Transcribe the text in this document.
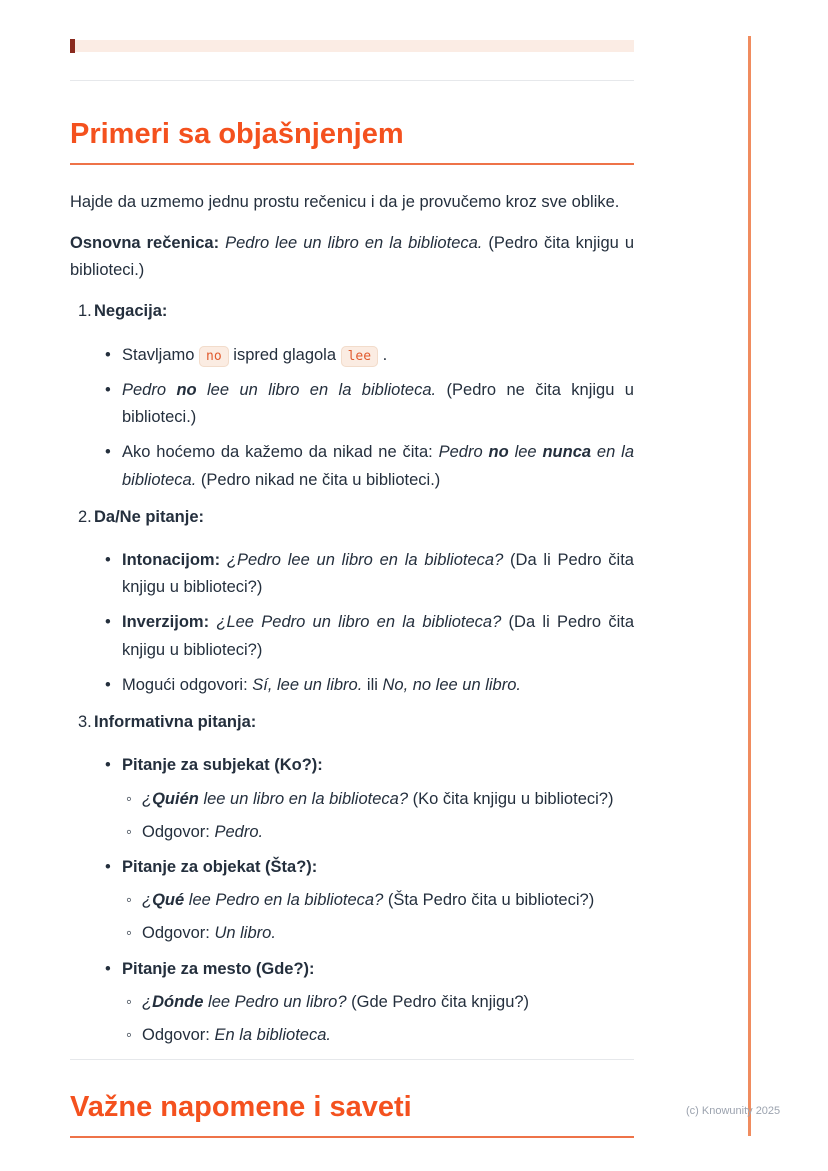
Primeri sa objašnjenjem

Hajde da uzmemo jednu prostu rečenicu i da je provučemo kroz sve oblike.

Osnovna rečenica: Pedro lee un libro en la biblioteca. (Pedro čita knjigu u biblioteci.)

1. Negacija:
• Stavljamo no ispred glagola lee .

• Pedro no lee un libro en la biblioteca. (Pedro ne čita knjigu u biblioteci.)

• Ako hoćemo da kažemo da nikad ne čita: Pedro no lee nunca en la biblioteca. (Pedro nikad ne čita u biblioteci.)

2. Da/Ne pitanje:
• Intonacijom: ¿Pedro lee un libro en la biblioteca? (Da li Pedro čita knjigu u biblioteci?)

• Inverzijom: ¿Lee Pedro un libro en la biblioteca? (Da li Pedro čita knjigu u biblioteci?)

• Mogući odgovori: Sí, lee un libro. ili No, no lee un libro.

3. Informativna pitanja:
• Pitanje za subjekat (Ko?):

◦ ¿Quién lee un libro en la biblioteca? (Ko čita knjigu u biblioteci?)

◦ Odgovor: Pedro.

• Pitanje za objekat (Šta?):

◦ ¿Qué lee Pedro en la biblioteca? (Šta Pedro čita u biblioteci?)

◦ Odgovor: Un libro.

• Pitanje za mesto (Gde?):

◦ ¿Dónde lee Pedro un libro? (Gde Pedro čita knjigu?)

◦ Odgovor: En la biblioteca.

Važne napomene i saveti	(c) Knowunity 2025
